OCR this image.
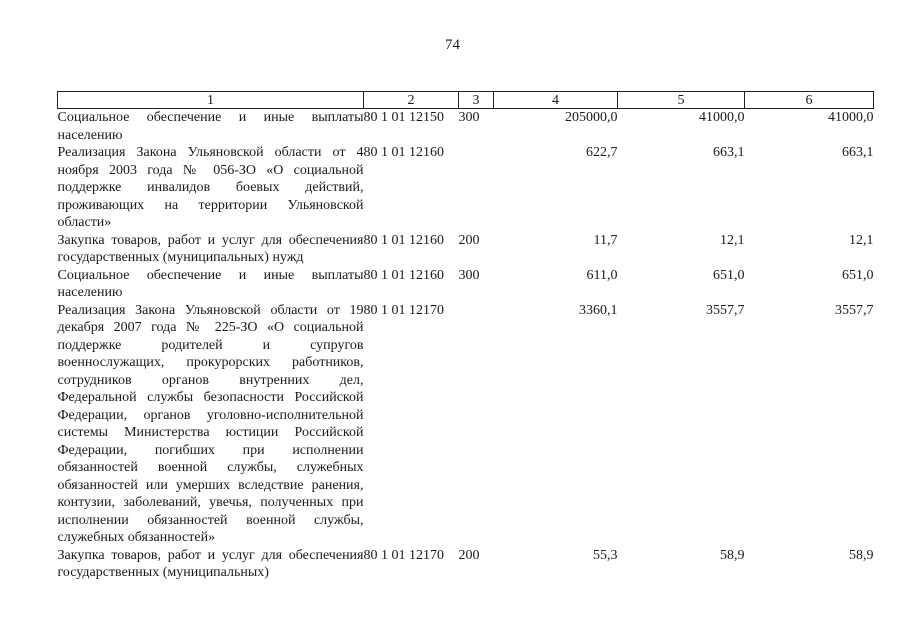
74
1	2	3	4	5	6
Социальное обеспечение и иные выплаты населению	80 1 01 12150	300	205000,0	41000,0	41000,0
Реализация Закона Ульяновской области от 4 ноября 2003 года № 056-ЗО «О социальной поддержке инвалидов боевых действий, проживающих на территории Ульяновской области»	80 1 01 12160		622,7	663,1	663,1
Закупка товаров, работ и услуг для обеспечения государственных (муниципальных) нужд	80 1 01 12160	200	11,7	12,1	12,1
Социальное обеспечение и иные выплаты населению	80 1 01 12160	300	611,0	651,0	651,0
Реализация Закона Ульяновской области от 19 декабря 2007 года № 225-ЗО «О социальной поддержке родителей и супругов военнослужащих, прокурорских работников, сотрудников органов внутренних дел, Федеральной службы безопасности Российской Федерации, органов уголовно-исполнительной системы Министерства юстиции Российской Федерации, погибших при исполнении обязанностей военной службы, служебных обязанностей или умерших вследствие ранения, контузии, заболеваний, увечья, полученных при исполнении обязанностей военной службы, служебных обязанностей»	80 1 01 12170		3360,1	3557,7	3557,7
Закупка товаров, работ и услуг для обеспечения государственных (муниципальных)	80 1 01 12170	200	55,3	58,9	58,9
